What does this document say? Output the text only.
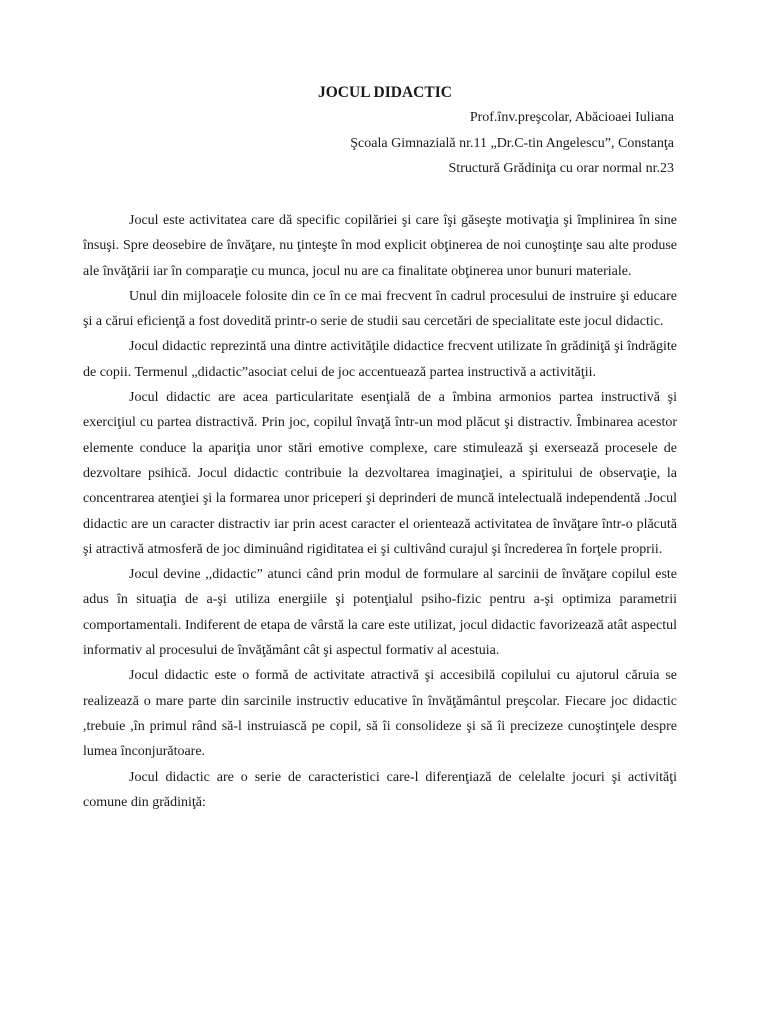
JOCUL DIDACTIC
Prof.înv.preşcolar, Abăcioaei Iuliana
Şcoala Gimnazială nr.11 „Dr.C-tin Angelescu”, Constanţa
Structură Grădiniţa cu orar normal nr.23

Jocul este activitatea care dă specific copilăriei şi care îşi găseşte motivaţia şi împlinirea în sine însuşi. Spre deosebire de învăţare, nu ţinteşte în mod explicit obţinerea de noi cunoştinţe sau alte produse ale învăţării iar în comparaţie cu munca, jocul nu are ca finalitate obţinerea unor bunuri materiale.

Unul din mijloacele folosite din ce în ce mai frecvent în cadrul procesului de instruire şi educare şi a cărui eficienţă a fost dovedită printr-o serie de studii sau cercetări de specialitate este jocul didactic.

Jocul didactic reprezintă una dintre activităţile didactice frecvent utilizate în grădiniţă şi îndrăgite de copii. Termenul „didactic”asociat celui de joc accentuează partea instructivă a activităţii.

Jocul didactic are acea particularitate esenţială de a îmbina armonios partea instructivă şi exerciţiul cu partea distractivă. Prin joc, copilul învaţă într-un mod plăcut şi distractiv. Îmbinarea acestor elemente conduce la apariţia unor stări emotive complexe, care stimulează şi exersează procesele de dezvoltare psihică. Jocul didactic contribuie la dezvoltarea imaginaţiei, a spiritului de observaţie, la concentrarea atenţiei şi la formarea unor priceperi şi deprinderi de muncă intelectuală independentă .Jocul didactic are un caracter distractiv iar prin acest caracter el orientează activitatea de învăţare într-o plăcută şi atractivă atmosferă de joc diminuând rigiditatea ei şi cultivând curajul şi încrederea în forţele proprii.

Jocul devine ,,didactic” atunci când prin modul de formulare al sarcinii de învăţare copilul este adus în situaţia de a-şi utiliza energiile şi potenţialul psiho-fizic pentru a-şi optimiza parametrii comportamentali. Indiferent de etapa de vârstă la care este utilizat, jocul didactic favorizează atât aspectul informativ al procesului de învăţământ cât şi aspectul formativ al acestuia.

Jocul didactic este o formă de activitate atractivă şi accesibilă copilului cu ajutorul căruia se realizează o mare parte din sarcinile instructiv educative în învăţământul preşcolar. Fiecare joc didactic ,trebuie ,în primul rând să-l instruiască pe copil, să îi consolideze şi să îi precizeze cunoştinţele despre lumea înconjurătoare.

Jocul didactic are o serie de caracteristici care-l diferenţiază de celelalte jocuri şi activităţi comune din grădiniţă:
